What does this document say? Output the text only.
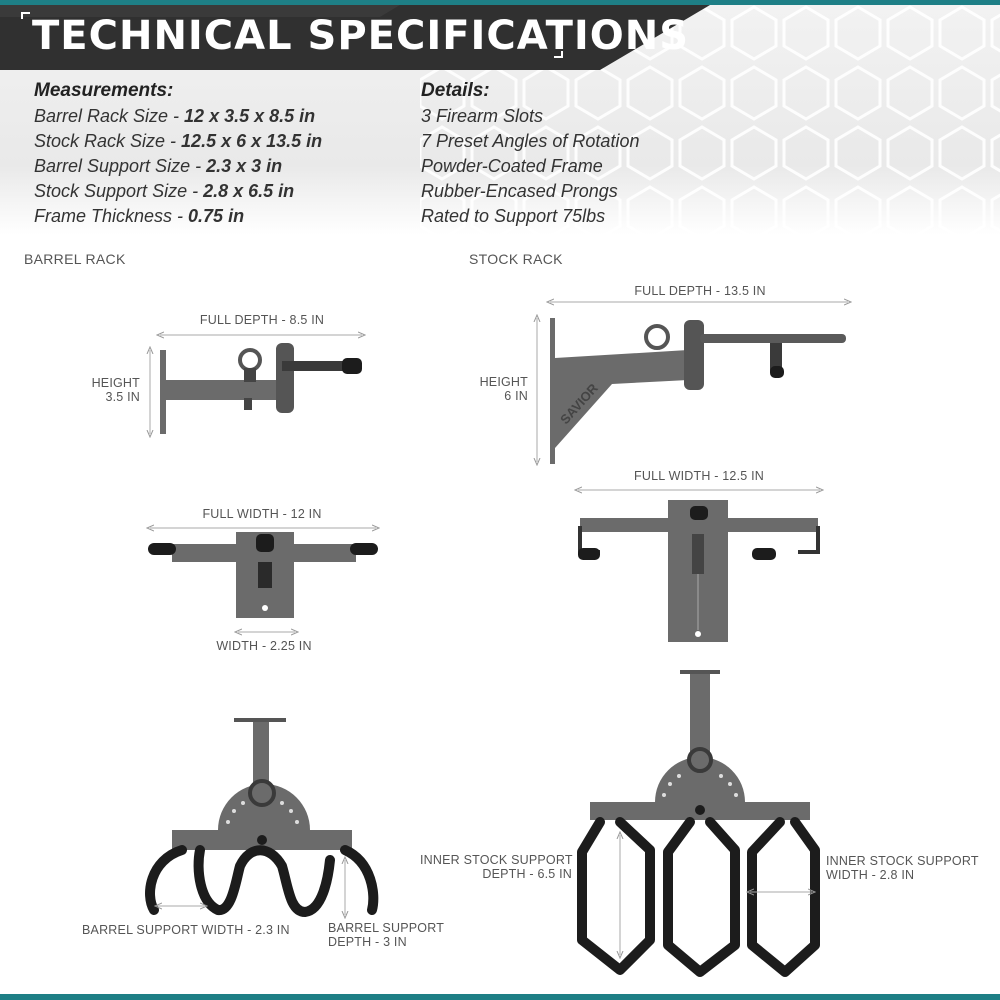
TECHNICAL SPECIFICATIONS
Measurements:
Barrel Rack Size - 12 x 3.5 x 8.5 in
Stock Rack Size - 12.5 x 6 x 13.5 in
Barrel Support Size - 2.3 x 3 in
Stock Support Size - 2.8 x 6.5 in
Frame Thickness - 0.75 in
Details:
3 Firearm Slots
7 Preset Angles of Rotation
Powder-Coated Frame
Rubber-Encased Prongs
Rated to Support 75lbs
SAVIOR
BARREL RACK	STOCK RACK
FULL DEPTH - 8.5 IN
HEIGHT
3.5 IN
FULL WIDTH - 12 IN
WIDTH - 2.25 IN
BARREL SUPPORT WIDTH - 2.3 IN	BARREL SUPPORT
DEPTH - 3 IN
FULL DEPTH - 13.5 IN
HEIGHT
6 IN
FULL WIDTH - 12.5 IN
INNER STOCK SUPPORT
DEPTH - 6.5 IN
INNER STOCK SUPPORT
WIDTH - 2.8 IN
